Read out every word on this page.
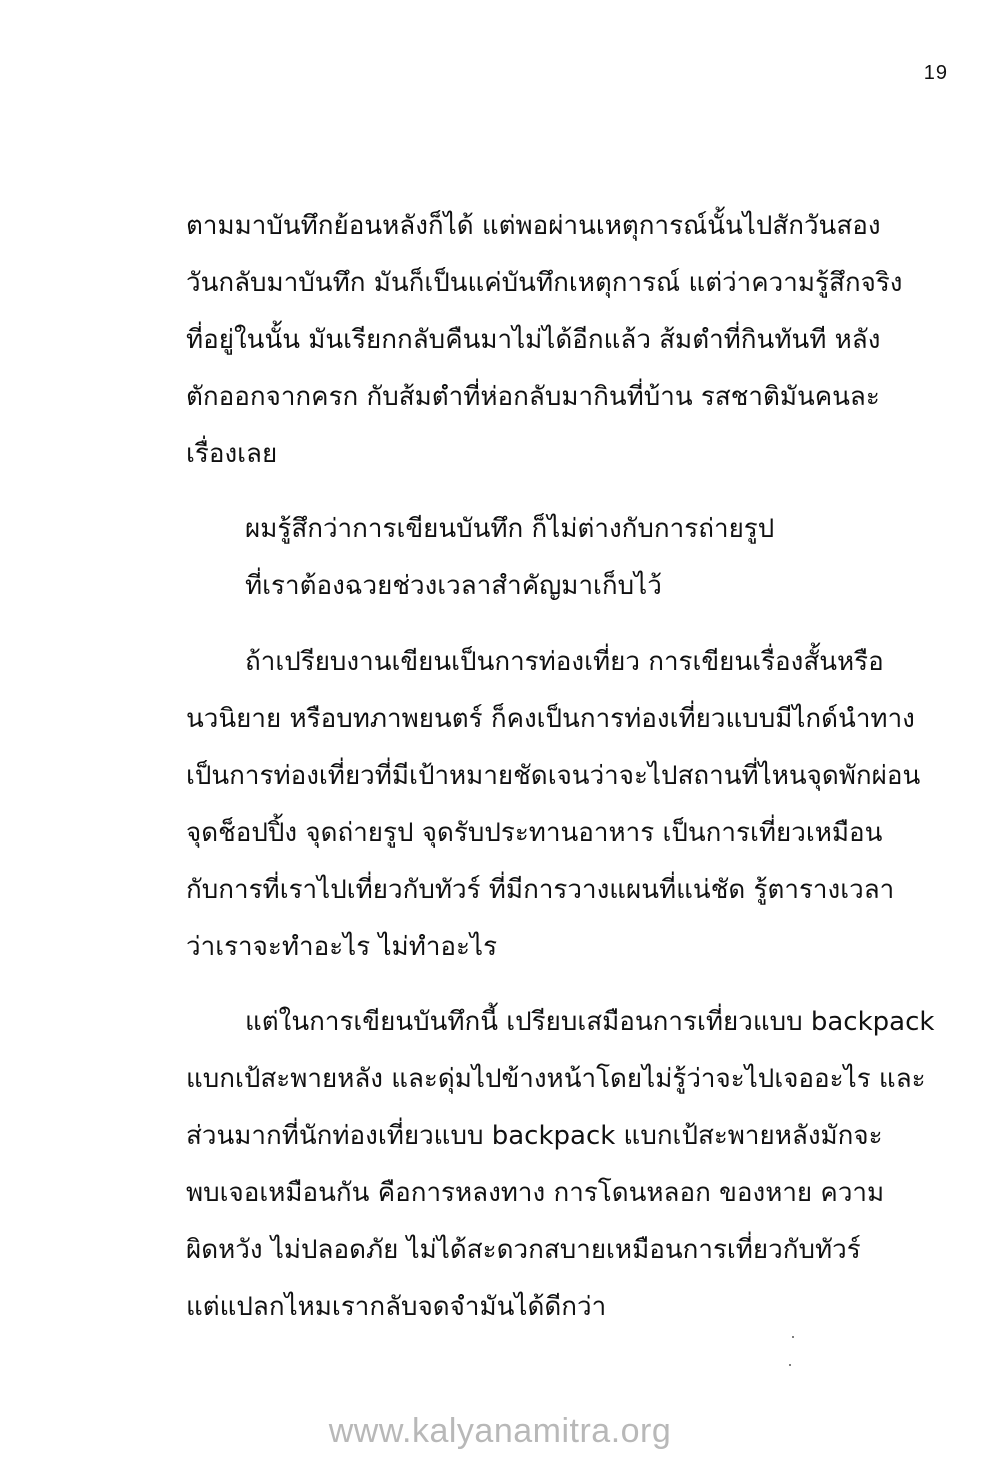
19
ตามมาบันทึกย้อนหลังก็ได้ แต่พอผ่านเหตุการณ์นั้นไปสักวันสอง
วันกลับมาบันทึก มันก็เป็นแค่บันทึกเหตุการณ์ แต่ว่าความรู้สึกจริง
ที่อยู่ในนั้น มันเรียกกลับคืนมาไม่ได้อีกแล้ว ส้มตำที่กินทันที หลัง
ตักออกจากครก กับส้มตำที่ห่อกลับมากินที่บ้าน รสชาติมันคนละ
เรื่องเลย
ผมรู้สึกว่าการเขียนบันทึก ก็ไม่ต่างกับการถ่ายรูป
ที่เราต้องฉวยช่วงเวลาสำคัญมาเก็บไว้
ถ้าเปรียบงานเขียนเป็นการท่องเที่ยว การเขียนเรื่องสั้นหรือ
นวนิยาย หรือบทภาพยนตร์ ก็คงเป็นการท่องเที่ยวแบบมีไกด์นำทาง
เป็นการท่องเที่ยวที่มีเป้าหมายชัดเจนว่าจะไปสถานที่ไหนจุดพักผ่อน
จุดช็อปปิ้ง จุดถ่ายรูป จุดรับประทานอาหาร เป็นการเที่ยวเหมือน
กับการที่เราไปเที่ยวกับทัวร์ ที่มีการวางแผนที่แน่ชัด รู้ตารางเวลา
ว่าเราจะทำอะไร ไม่ทำอะไร
แต่ในการเขียนบันทึกนี้ เปรียบเสมือนการเที่ยวแบบ backpack
แบกเป้สะพายหลัง และดุ่มไปข้างหน้าโดยไม่รู้ว่าจะไปเจออะไร และ
ส่วนมากที่นักท่องเที่ยวแบบ backpack แบกเป้สะพายหลังมักจะ
พบเจอเหมือนกัน คือการหลงทาง การโดนหลอก ของหาย ความ
ผิดหวัง ไม่ปลอดภัย ไม่ได้สะดวกสบายเหมือนการเที่ยวกับทัวร์
แต่แปลกไหมเรากลับจดจำมันได้ดีกว่า
www.kalyanamitra.org
